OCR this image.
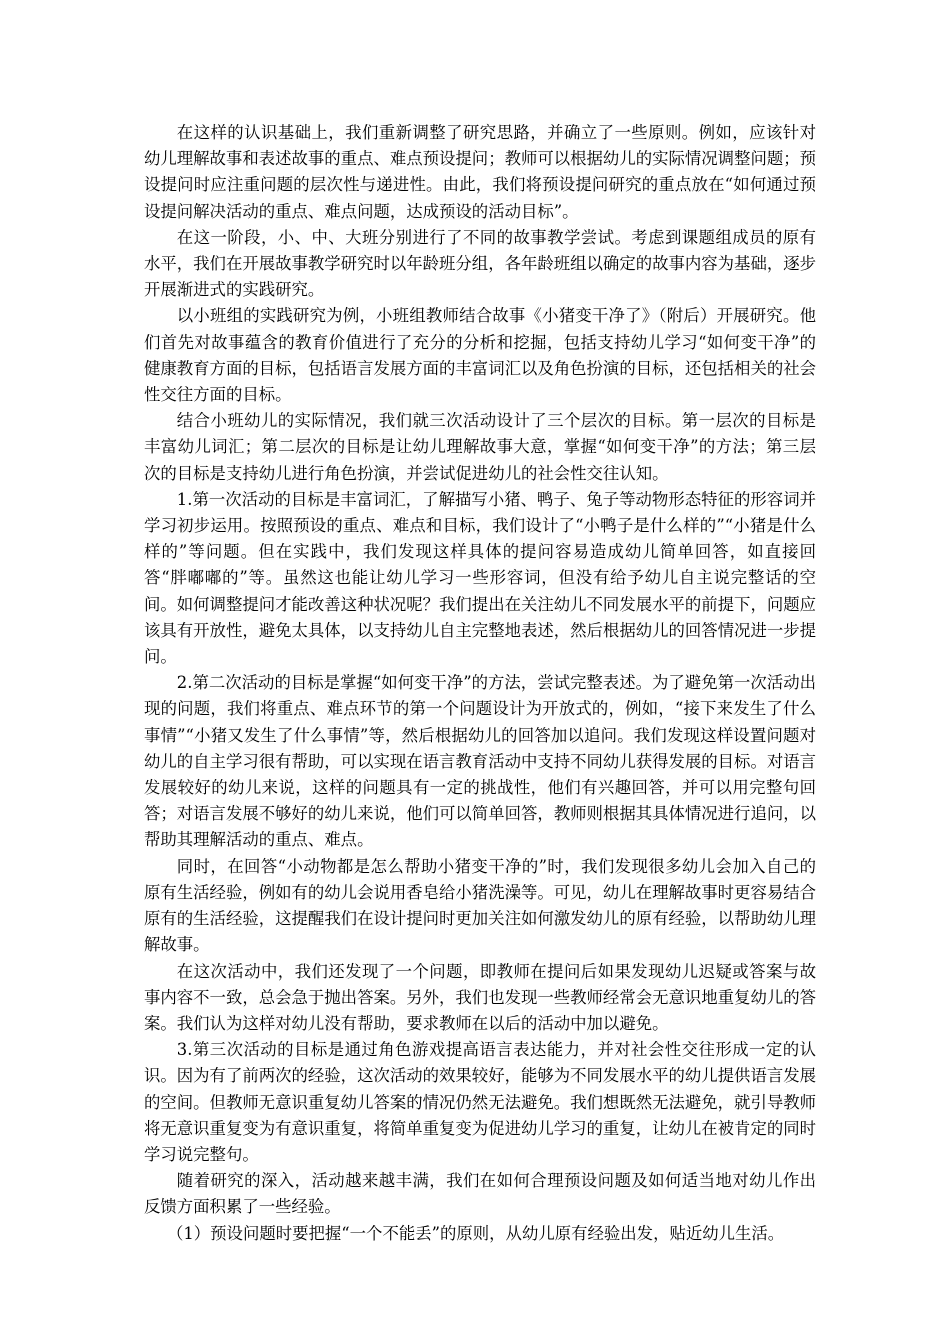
在这样的认识基础上，我们重新调整了研究思路，并确立了一些原则。例如，应该针对幼儿理解故事和表述故事的重点、难点预设提问；教师可以根据幼儿的实际情况调整问题；预设提问时应注重问题的层次性与递进性。由此，我们将预设提问研究的重点放在“如何通过预设提问解决活动的重点、难点问题，达成预设的活动目标”。

在这一阶段，小、中、大班分别进行了不同的故事教学尝试。考虑到课题组成员的原有水平，我们在开展故事教学研究时以年龄班分组，各年龄班组以确定的故事内容为基础，逐步开展渐进式的实践研究。

以小班组的实践研究为例，小班组教师结合故事《小猪变干净了》（附后）开展研究。他们首先对故事蕴含的教育价值进行了充分的分析和挖掘，包括支持幼儿学习“如何变干净”的健康教育方面的目标，包括语言发展方面的丰富词汇以及角色扮演的目标，还包括相关的社会性交往方面的目标。

结合小班幼儿的实际情况，我们就三次活动设计了三个层次的目标。第一层次的目标是丰富幼儿词汇；第二层次的目标是让幼儿理解故事大意，掌握“如何变干净”的方法；第三层次的目标是支持幼儿进行角色扮演，并尝试促进幼儿的社会性交往认知。

1.第一次活动的目标是丰富词汇，了解描写小猪、鸭子、兔子等动物形态特征的形容词并学习初步运用。按照预设的重点、难点和目标，我们设计了“小鸭子是什么样的”“小猪是什么样的”等问题。但在实践中，我们发现这样具体的提问容易造成幼儿简单回答，如直接回答“胖嘟嘟的”等。虽然这也能让幼儿学习一些形容词，但没有给予幼儿自主说完整话的空间。如何调整提问才能改善这种状况呢？我们提出在关注幼儿不同发展水平的前提下，问题应该具有开放性，避免太具体，以支持幼儿自主完整地表述，然后根据幼儿的回答情况进一步提问。

2.第二次活动的目标是掌握“如何变干净”的方法，尝试完整表述。为了避免第一次活动出现的问题，我们将重点、难点环节的第一个问题设计为开放式的，例如，“接下来发生了什么事情”“小猪又发生了什么事情”等，然后根据幼儿的回答加以追问。我们发现这样设置问题对幼儿的自主学习很有帮助，可以实现在语言教育活动中支持不同幼儿获得发展的目标。对语言发展较好的幼儿来说，这样的问题具有一定的挑战性，他们有兴趣回答，并可以用完整句回答；对语言发展不够好的幼儿来说，他们可以简单回答，教师则根据其具体情况进行追问，以帮助其理解活动的重点、难点。

同时，在回答“小动物都是怎么帮助小猪变干净的”时，我们发现很多幼儿会加入自己的原有生活经验，例如有的幼儿会说用香皂给小猪洗澡等。可见，幼儿在理解故事时更容易结合原有的生活经验，这提醒我们在设计提问时更加关注如何激发幼儿的原有经验，以帮助幼儿理解故事。

在这次活动中，我们还发现了一个问题，即教师在提问后如果发现幼儿迟疑或答案与故事内容不一致，总会急于抛出答案。另外，我们也发现一些教师经常会无意识地重复幼儿的答案。我们认为这样对幼儿没有帮助，要求教师在以后的活动中加以避免。

3.第三次活动的目标是通过角色游戏提高语言表达能力，并对社会性交往形成一定的认识。因为有了前两次的经验，这次活动的效果较好，能够为不同发展水平的幼儿提供语言发展的空间。但教师无意识重复幼儿答案的情况仍然无法避免。我们想既然无法避免，就引导教师将无意识重复变为有意识重复，将简单重复变为促进幼儿学习的重复，让幼儿在被肯定的同时学习说完整句。

随着研究的深入，活动越来越丰满，我们在如何合理预设问题及如何适当地对幼儿作出反馈方面积累了一些经验。

（1）预设问题时要把握“一个不能丢”的原则，从幼儿原有经验出发，贴近幼儿生活。
